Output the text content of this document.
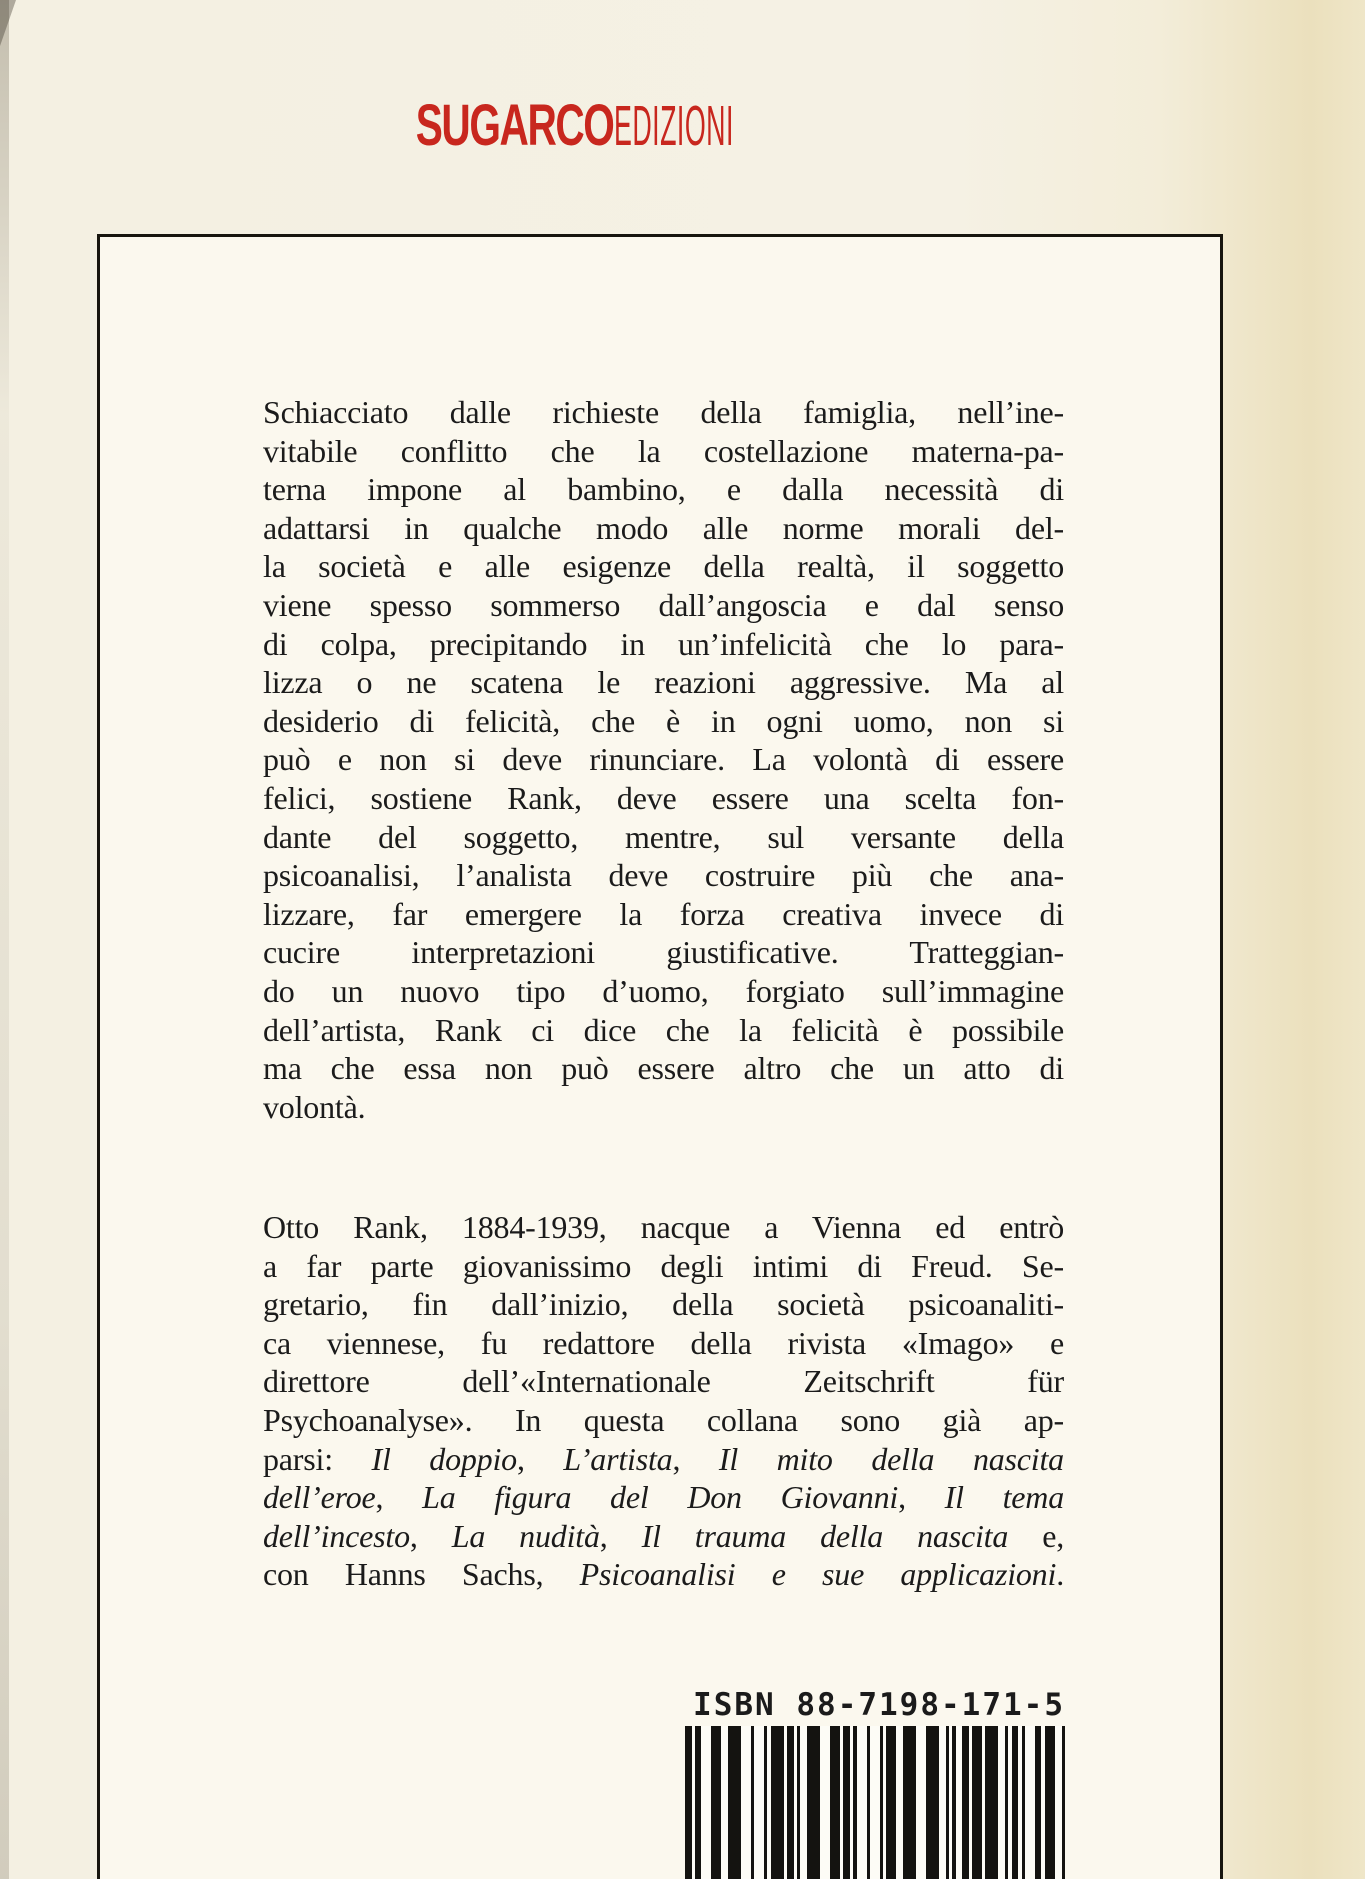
SUGARCOEDIZIONI
Schiacciato dalle richieste della famiglia, nell’ine-
vitabile conflitto che la costellazione materna-pa-
terna impone al bambino, e dalla necessità di
adattarsi in qualche modo alle norme morali del-
la società e alle esigenze della realtà, il soggetto
viene spesso sommerso dall’angoscia e dal senso
di colpa, precipitando in un’infelicità che lo para-
lizza o ne scatena le reazioni aggressive. Ma al
desiderio di felicità, che è in ogni uomo, non si
può e non si deve rinunciare. La volontà di essere
felici, sostiene Rank, deve essere una scelta fon-
dante del soggetto, mentre, sul versante della
psicoanalisi, l’analista deve costruire più che ana-
lizzare, far emergere la forza creativa invece di
cucire interpretazioni giustificative. Tratteggian-
do un nuovo tipo d’uomo, forgiato sull’immagine
dell’artista, Rank ci dice che la felicità è possibile
ma che essa non può essere altro che un atto di
volontà.
Otto Rank, 1884-1939, nacque a Vienna ed entrò
a far parte giovanissimo degli intimi di Freud. Se-
gretario, fin dall’inizio, della società psicoanaliti-
ca viennese, fu redattore della rivista «Imago» e
direttore dell’«Internationale Zeitschrift für
Psychoanalyse». In questa collana sono già ap-
parsi: Il doppio, L’artista, Il mito della nascita
dell’eroe, La figura del Don Giovanni, Il tema
dell’incesto, La nudità, Il trauma della nascita e,
con Hanns Sachs, Psicoanalisi e sue applicazioni.
ISBN 88-7198-171-5
